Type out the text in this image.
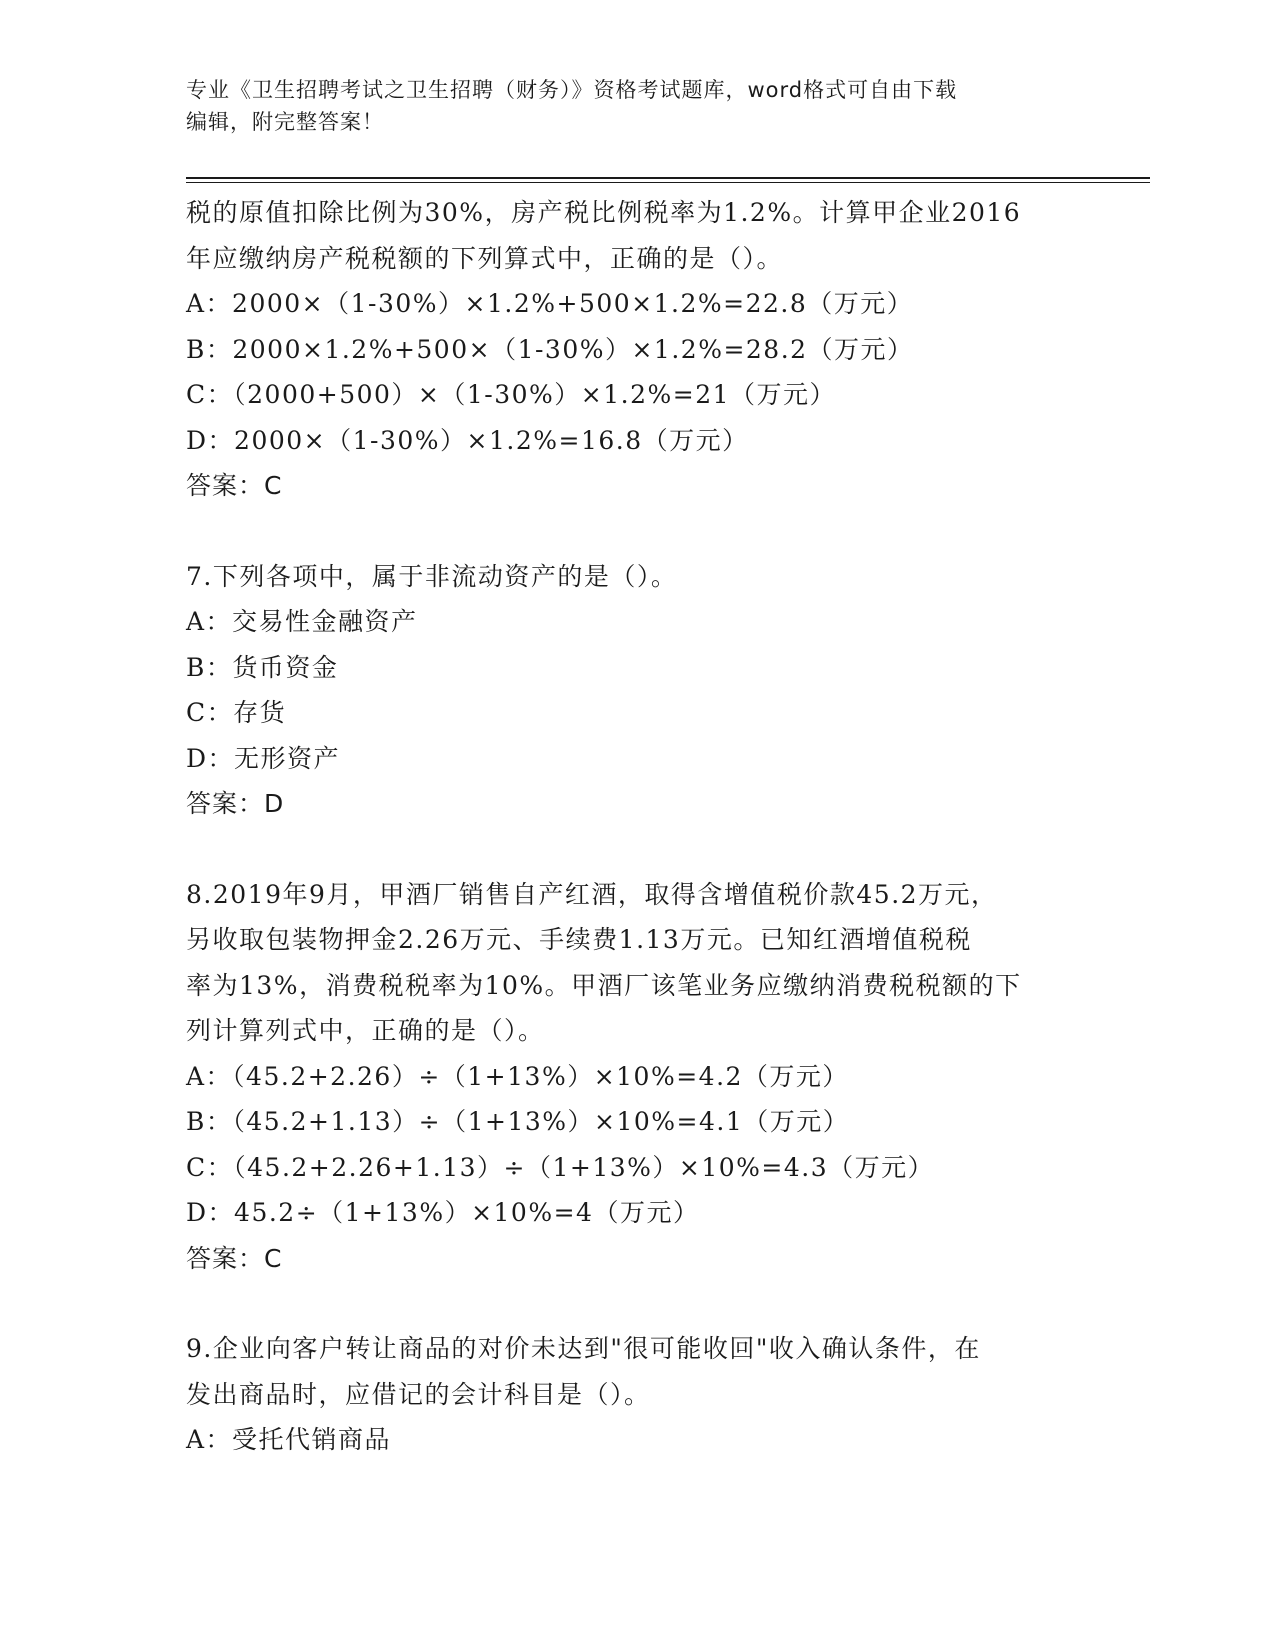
专业《卫生招聘考试之卫生招聘（财务）》资格考试题库，word格式可自由下载
编辑，附完整答案！
税的原值扣除比例为30%，房产税比例税率为1.2%。计算甲企业2016
年应缴纳房产税税额的下列算式中，正确的是（）。
A：2000×（1-30%）×1.2%+500×1.2%=22.8（万元）
B：2000×1.2%+500×（1-30%）×1.2%=28.2（万元）
C：（2000+500）×（1-30%）×1.2%=21（万元）
D：2000×（1-30%）×1.2%=16.8（万元）
答案：C
7.下列各项中，属于非流动资产的是（）。
A：交易性金融资产
B：货币资金
C：存货
D：无形资产
答案：D
8.2019年9月，甲酒厂销售自产红酒，取得含增值税价款45.2万元，
另收取包装物押金2.26万元、手续费1.13万元。已知红酒增值税税
率为13%，消费税税率为10%。甲酒厂该笔业务应缴纳消费税税额的下
列计算列式中，正确的是（）。
A：（45.2+2.26）÷（1+13%）×10%=4.2（万元）
B：（45.2+1.13）÷（1+13%）×10%=4.1（万元）
C：（45.2+2.26+1.13）÷（1+13%）×10%=4.3（万元）
D：45.2÷（1+13%）×10%=4（万元）
答案：C
9.企业向客户转让商品的对价未达到"很可能收回"收入确认条件，在
发出商品时，应借记的会计科目是（）。
A：受托代销商品
